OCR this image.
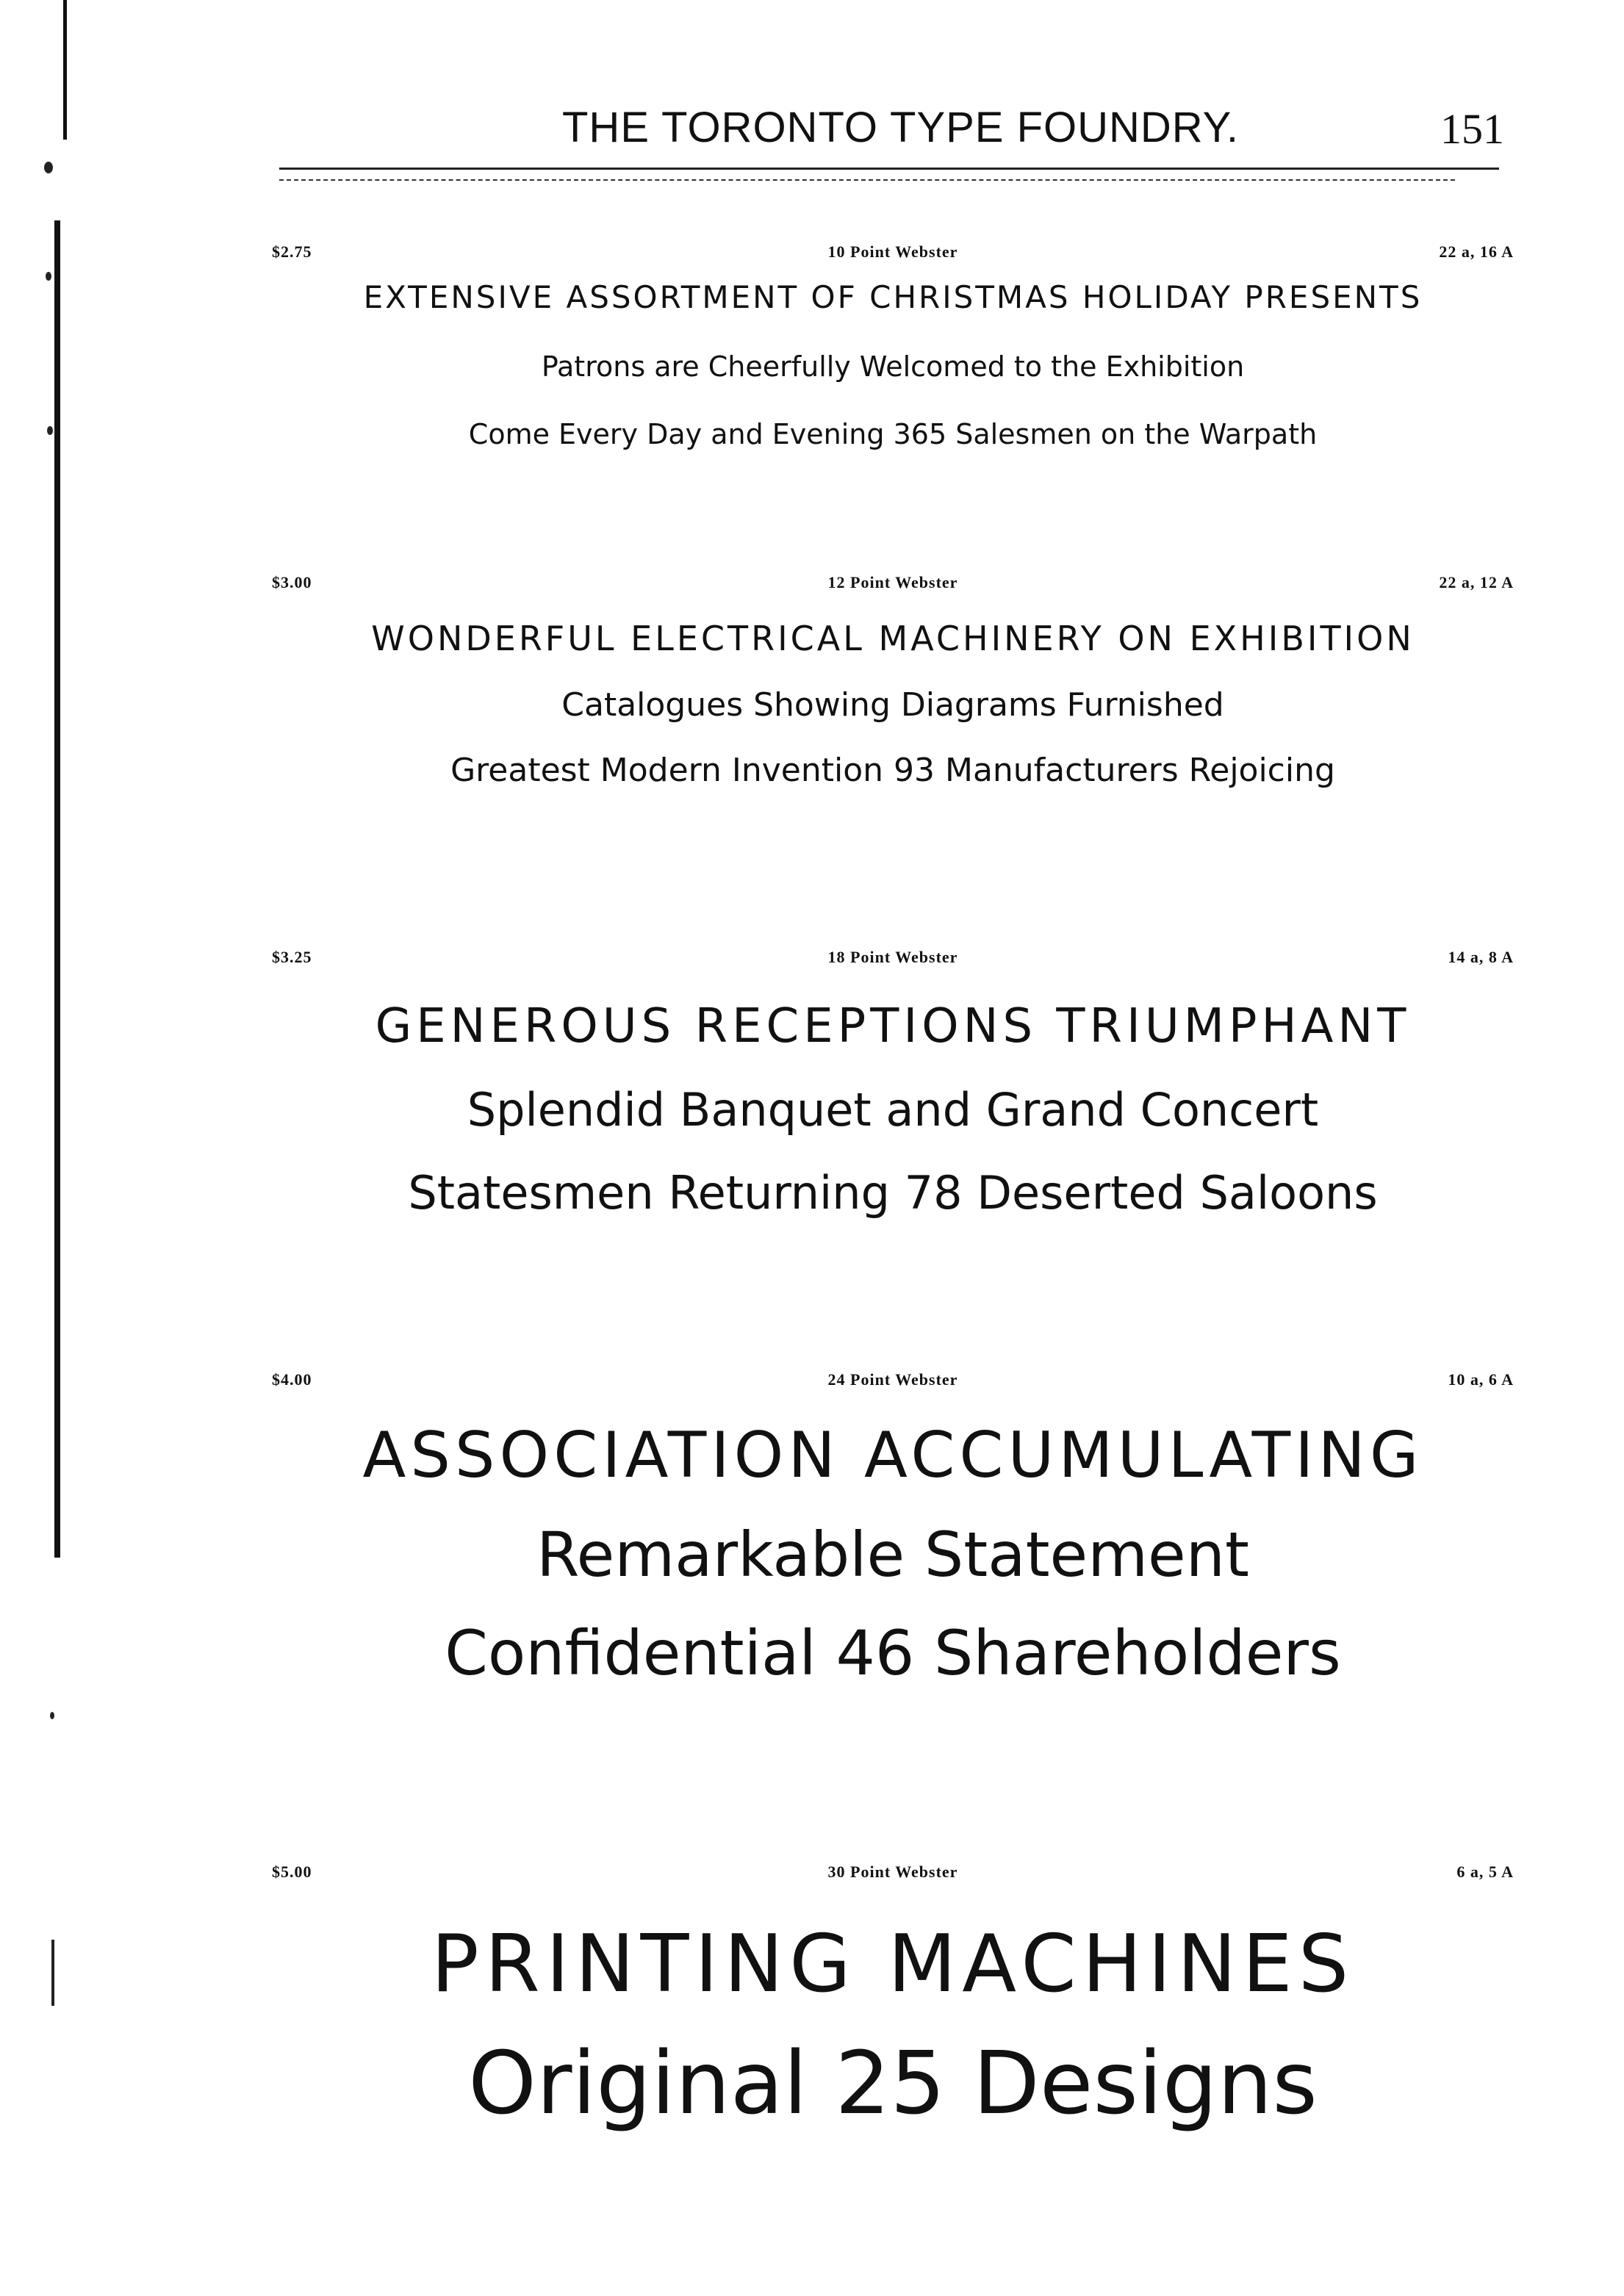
THE TORONTO TYPE FOUNDRY.	151
$2.75	10 Point Webster	22 a, 16 A
EXTENSIVE ASSORTMENT OF CHRISTMAS HOLIDAY PRESENTS
Patrons are Cheerfully Welcomed to the Exhibition
Come Every Day and Evening 365 Salesmen on the Warpath
$3.00	12 Point Webster	22 a, 12 A
WONDERFUL ELECTRICAL MACHINERY ON EXHIBITION
Catalogues Showing Diagrams Furnished
Greatest Modern Invention 93 Manufacturers Rejoicing
$3.25	18 Point Webster	14 a, 8 A
GENEROUS RECEPTIONS TRIUMPHANT
Splendid Banquet and Grand Concert
Statesmen Returning 78 Deserted Saloons
$4.00	24 Point Webster	10 a, 6 A
ASSOCIATION ACCUMULATING
Remarkable Statement
Confidential 46 Shareholders
$5.00	30 Point Webster	6 a, 5 A
PRINTING MACHINES
Original 25 Designs
